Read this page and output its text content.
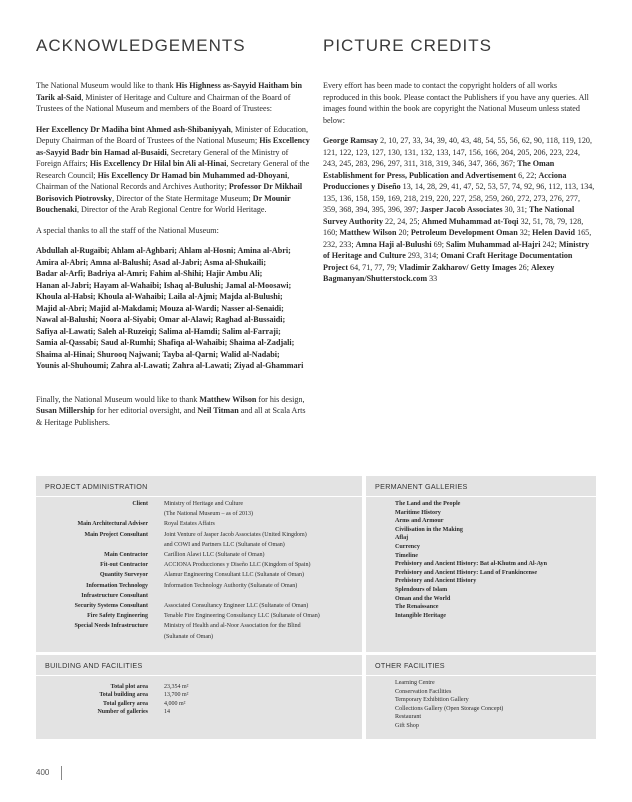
ACKNOWLEDGEMENTS	PICTURE CREDITS

The National Museum would like to thank His Highness as-Sayyid Haitham bin Tarik al-Said, Minister of Heritage and Culture and Chairman of the Board of Trustees of the National Museum and members of the Board of Trustees:

Her Excellency Dr Madiha bint Ahmed ash-Shibaniyyah, Minister of Education, Deputy Chairman of the Board of Trustees of the National Museum; His Excellency as-Sayyid Badr bin Hamad al-Busaidi, Secretary General of the Ministry of Foreign Affairs; His Excellency Dr Hilal bin Ali al-Hinai, Secretary General of the Research Council; His Excellency Dr Hamad bin Muhammed ad-Dhoyani, Chairman of the National Records and Archives Authority; Professor Dr Mikhail Borisovich Piotrovsky, Director of the State Hermitage Museum; Dr Mounir Bouchenaki, Director of the Arab Regional Centre for World Heritage.

A special thanks to all the staff of the National Museum:

Abdullah al-Rugaibi; Ahlam al-Aghbari; Ahlam al-Hosni; Amina al-Abri;
Amira al-Abri; Amna al-Balushi; Asad al-Jabri; Asma al-Shukaili;
Badar al-Arfi; Badriya al-Amri; Fahim al-Shihi; Hajir Ambu Ali;
Hanan al-Jabri; Hayam al-Wahaibi; Ishaq al-Bulushi; Jamal al-Moosawi;
Khoula al-Habsi; Khoula al-Wahaibi; Laila al-Ajmi; Majda al-Bulushi;
Majid al-Abri; Majid al-Makdami; Mouza al-Wardi; Nasser al-Senaidi;
Nawal al-Balushi; Noora al-Siyabi; Omar al-Alawi; Raghad al-Bussaidi;
Safiya al-Lawati; Saleh al-Ruzeiqi; Salima al-Hamdi; Salim al-Farraji;
Samia al-Qassabi; Saud al-Rumhi; Shafiqa al-Wahaibi; Shaima al-Zadjali;
Shaima al-Hinai; Shurooq Najwani; Tayba al-Qarni; Walid al-Nadabi;
Younis al-Shuhoumi; Zahra al-Lawati; Zahra al-Lawati; Ziyad al-Ghammari

Finally, the National Museum would like to thank Matthew Wilson for his design, Susan Millership for her editorial oversight, and Neil Titman and all at Scala Arts & Heritage Publishers.

Every effort has been made to contact the copyright holders of all works reproduced in this book. Please contact the Publishers if you have any queries. All images found within the book are copyright the National Museum unless stated below:

George Ramsay 2, 10, 27, 33, 34, 39, 40, 43, 48, 54, 55, 56, 62, 90, 118, 119, 120, 121, 122, 123, 127, 130, 131, 132, 133, 147, 156, 166, 204, 205, 206, 223, 224, 243, 245, 283, 296, 297, 311, 318, 319, 346, 347, 366, 367; The Oman Establishment for Press, Publication and Advertisement 6, 22; Acciona Producciones y Diseño 13, 14, 28, 29, 41, 47, 52, 53, 57, 74, 92, 96, 112, 113, 134, 135, 136, 158, 159, 169, 218, 219, 220, 227, 258, 259, 260, 272, 273, 276, 277, 359, 368, 394, 395, 396, 397; Jasper Jacob Associates 30, 31; The National Survey Authority 22, 24, 25; Ahmed Muhammad at-Toqi 32, 51, 78, 79, 128, 160; Matthew Wilson 20; Petroleum Development Oman 32; Helen David 165, 232, 233; Amna Haji al-Bulushi 69; Salim Muhammad al-Hajri 242; Ministry of Heritage and Culture 293, 314; Omani Craft Heritage Documentation Project 64, 71, 77, 79; Vladimir Zakharov/ Getty Images 26; Alexey Bagmanyan/Shutterstock.com 33

PROJECT ADMINISTRATION
Client	Ministry of Heritage and Culture
(The National Museum – as of 2013)
Main Architectural Adviser	Royal Estates Affairs
Main Project Consultant	Joint Venture of Jasper Jacob Associates (United Kingdom)
and COWI and Partners LLC (Sultanate of Oman)
Main Contractor	Carillion Alawi LLC (Sultanate of Oman)
Fit-out Contractor	ACCIONA Producciones y Diseño LLC (Kingdom of Spain)
Quantity Surveyor	Alamur Engineering Consultant LLC (Sultanate of Oman)
Information Technology	Information Technology Authority (Sultanate of Oman)
Infrastructure Consultant
Security Systems Consultant	Associated Consultancy Engineer LLC (Sultanate of Oman)
Fire Safety Engineering	Tenable Fire Engineering Consultancy LLC (Sultanate of Oman)
Special Needs Infrastructure	Ministry of Health and al-Noor Association for the Blind
(Sultanate of Oman)
BUILDING AND FACILITIES
Total plot area	23,354 m²
Total building area	13,700 m²
Total gallery area	4,000 m²
Number of galleries	14
PERMANENT GALLERIES
The Land and the People
Maritime History
Arms and Armour
Civilisation in the Making
Aflaj
Currency
Timeline
Prehistory and Ancient History: Bat al-Khutm and Al-Ayn
Prehistory and Ancient History: Land of Frankincense
Prehistory and Ancient History
Splendours of Islam
Oman and the World
The Renaissance
Intangible Heritage
OTHER FACILITIES
Learning Centre
Conservation Facilities
Temporary Exhibition Gallery
Collections Gallery (Open Storage Concept)
Restaurant
Gift Shop
400
